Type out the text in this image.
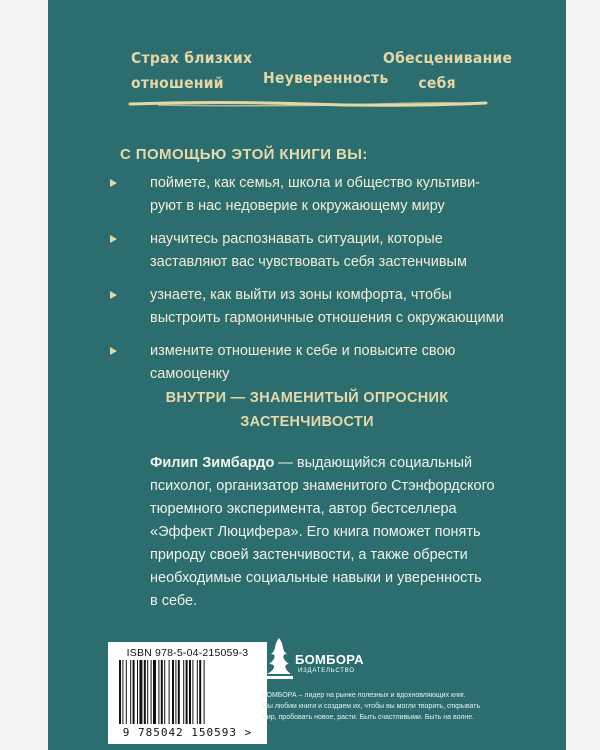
Страх близких
отношений	Неуверенность
Обесценивание
себя
С ПОМОЩЬЮ ЭТОЙ КНИГИ ВЫ:
поймете, как семья, школа и общество культиви-
руют в нас недоверие к окружающему миру
научитесь распознавать ситуации, которые
заставляют вас чувствовать себя застенчивым
узнаете, как выйти из зоны комфорта, чтобы
выстроить гармоничные отношения с окружающими
измените отношение к себе и повысите свою
самооценку
ВНУТРИ — ЗНАМЕНИТЫЙ ОПРОСНИК
ЗАСТЕНЧИВОСТИ
Филип Зимбардо — выдающийся социальный
психолог, организатор знаменитого Стэнфордского
тюремного эксперимента, автор бестселлера
«Эффект Люцифера». Его книга поможет понять
природу своей застенчивости, а также обрести
необходимые социальные навыки и уверенность
в себе.
ISBN 978-5-04-215059-3
9 785042 150593 >
БОМБОРА
ИЗДАТЕЛЬСТВО
БОМБОРА – лидер на рынке полезных и вдохновляющих книг.
Мы любим книги и создаем их, чтобы вы могли творить, открывать
мир, пробовать новое, расти. Быть счастливыми. Быть на волне.
